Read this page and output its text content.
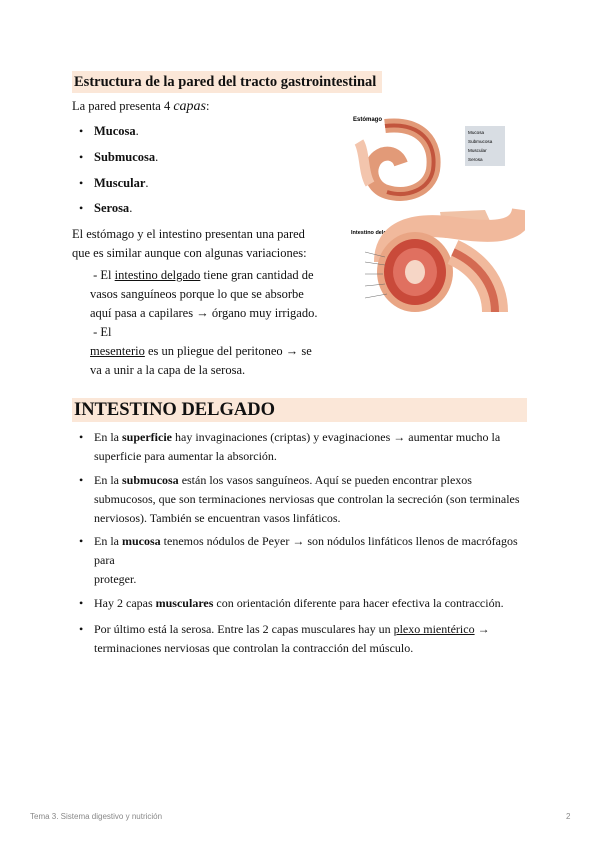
Estructura de la pared del tracto gastrointestinal
La pared presenta 4 capas:
• Mucosa.
• Submucosa.
• Muscular.
• Serosa.
El estómago y el intestino presentan una pared
que es similar aunque con algunas variaciones:
- El intestino delgado tiene gran cantidad de
vasos sanguíneos porque lo que se absorbe
aquí pasa a capilares → órgano muy irrigado.
- El
mesenterio es un pliegue del peritoneo → se
va a unir a la capa de la serosa.
Estómago
Mucosa
Submucosa
Muscular
Serosa
Intestino delgado
INTESTINO DELGADO
• En la superficie hay invaginaciones (criptas) y evaginaciones → aumentar mucho la
superficie para aumentar la absorción.
• En la submucosa están los vasos sanguíneos. Aquí se pueden encontrar plexos
submucosos, que son terminaciones nerviosas que controlan la secreción (son terminales
nerviosos). También se encuentran vasos linfáticos.
• En la mucosa tenemos nódulos de Peyer → son nódulos linfáticos llenos de macrófagos
para
proteger.
• Hay 2 capas musculares con orientación diferente para hacer efectiva la contracción.
• Por último está la serosa. Entre las 2 capas musculares hay un plexo mientérico →
terminaciones nerviosas que controlan la contracción del músculo.
Tema 3. Sistema digestivo y nutrición	2
